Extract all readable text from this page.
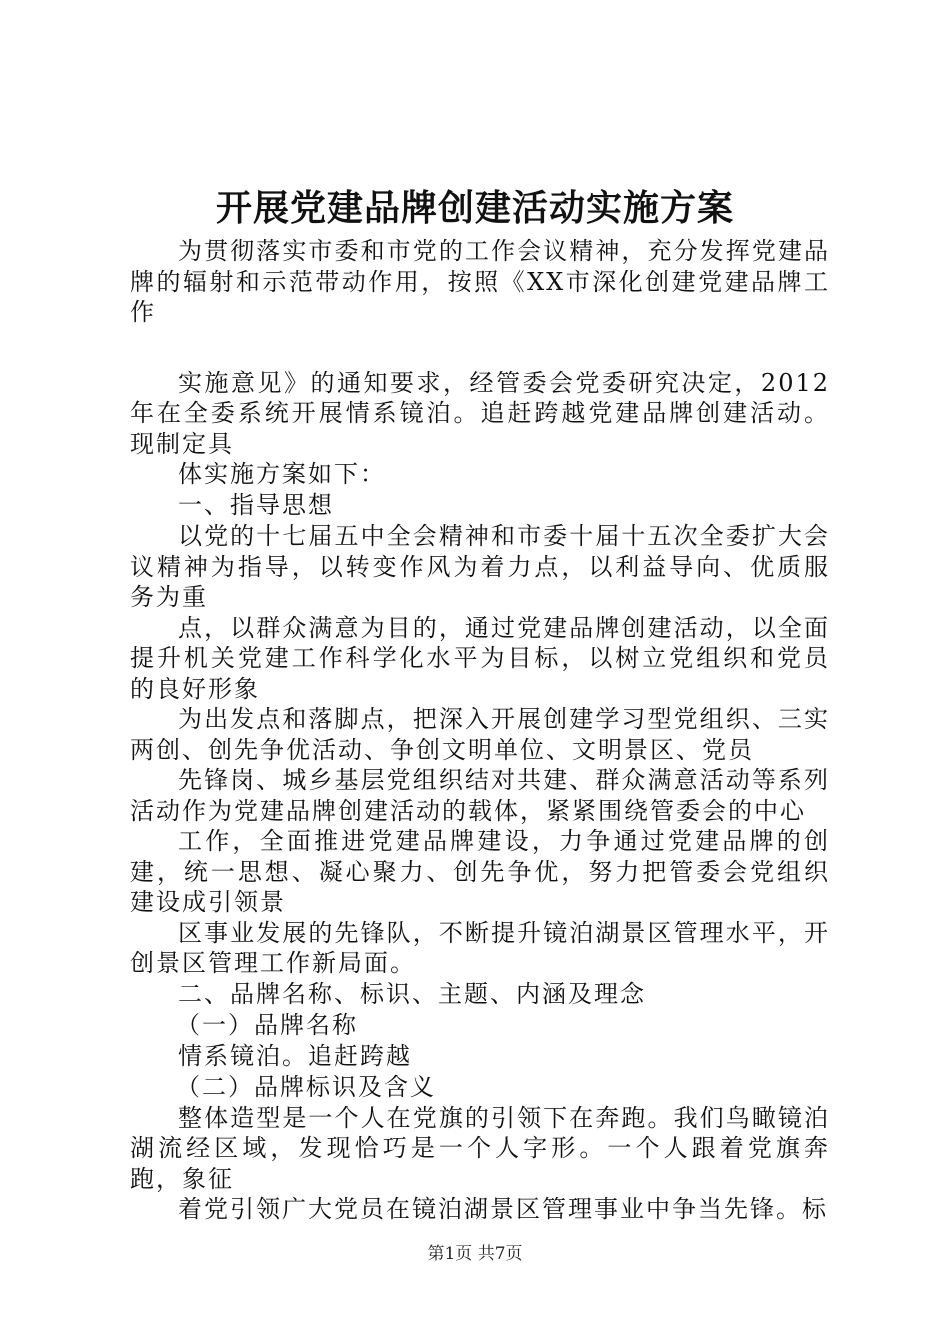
开展党建品牌创建活动实施方案

为贯彻落实市委和市党的工作会议精神，充分发挥党建品牌的辐射和示范带动作用，按照《XX市深化创建党建品牌工作

实施意见》的通知要求，经管委会党委研究决定，2012年在全委系统开展情系镜泊。追赶跨越党建品牌创建活动。现制定具

体实施方案如下：

一、指导思想

以党的十七届五中全会精神和市委十届十五次全委扩大会议精神为指导，以转变作风为着力点，以利益导向、优质服务为重

点，以群众满意为目的，通过党建品牌创建活动，以全面提升机关党建工作科学化水平为目标，以树立党组织和党员的良好形象

为出发点和落脚点，把深入开展创建学习型党组织、三实两创、创先争优活动、争创文明单位、文明景区、党员

先锋岗、城乡基层党组织结对共建、群众满意活动等系列活动作为党建品牌创建活动的载体，紧紧围绕管委会的中心

工作，全面推进党建品牌建设，力争通过党建品牌的创建，统一思想、凝心聚力、创先争优，努力把管委会党组织建设成引领景

区事业发展的先锋队，不断提升镜泊湖景区管理水平，开创景区管理工作新局面。

二、品牌名称、标识、主题、内涵及理念

（一）品牌名称

情系镜泊。追赶跨越

（二）品牌标识及含义

整体造型是一个人在党旗的引领下在奔跑。我们鸟瞰镜泊湖流经区域，发现恰巧是一个人字形。一个人跟着党旗奔跑，象征

着党引领广大党员在镜泊湖景区管理事业中争当先锋。标

第1页 共7页
